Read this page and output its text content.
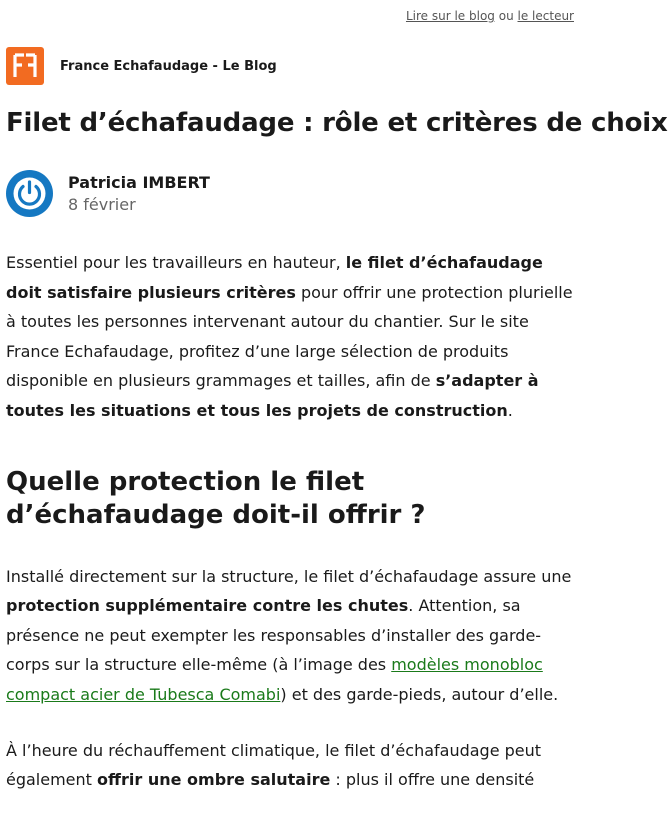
Lire sur le blog ou le lecteur
France Echafaudage - Le Blog
Filet d’échafaudage : rôle et critères de choix
Patricia IMBERT
8 février

Essentiel pour les travailleurs en hauteur, le filet d’échafaudage doit satisfaire plusieurs critères pour offrir une protection plurielle à toutes les personnes intervenant autour du chantier. Sur le site France Echafaudage, profitez d’une large sélection de produits disponible en plusieurs grammages et tailles, afin de s’adapter à toutes les situations et tous les projets de construction.

Quelle protection le filet d’échafaudage doit-il offrir ?

Installé directement sur la structure, le filet d’échafaudage assure une protection supplémentaire contre les chutes. Attention, sa présence ne peut exempter les responsables d’installer des garde-corps sur la structure elle-même (à l’image des modèles monobloc compact acier de Tubesca Comabi) et des garde-pieds, autour d’elle.

À l’heure du réchauffement climatique, le filet d’échafaudage peut également offrir une ombre salutaire : plus il offre une densité
